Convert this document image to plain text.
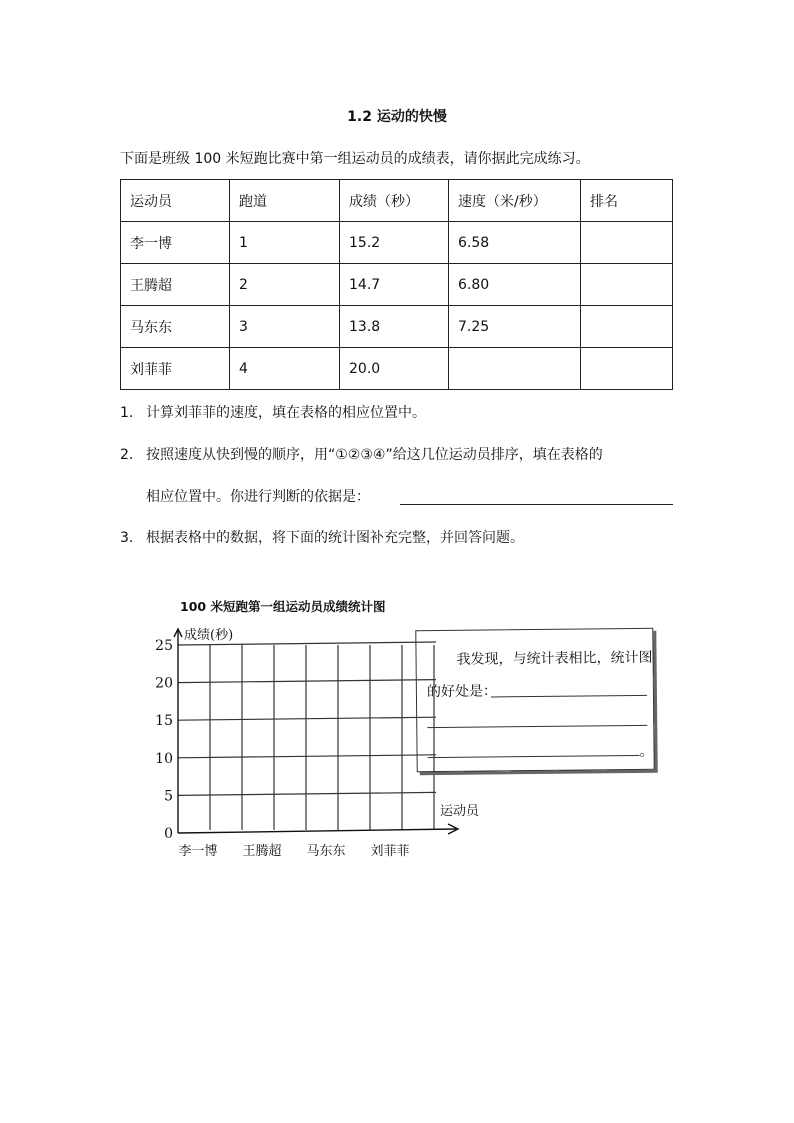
1.2 运动的快慢
下面是班级 100 米短跑比赛中第一组运动员的成绩表，请你据此完成练习。
运动员	跑道	成绩（秒）	速度（米/秒）	排名
李一博	1	15.2	6.58	
王腾超	2	14.7	6.80	
马东东	3	13.8	7.25	
刘菲菲	4	20.0		
1. 计算刘菲菲的速度，填在表格的相应位置中。
2. 按照速度从快到慢的顺序，用“①②③④”给这几位运动员排序，填在表格的
相应位置中。你进行判断的依据是：
3. 根据表格中的数据，将下面的统计图补充完整，并回答问题。
100 米短跑第一组运动员成绩统计图
0
5
10
15
20
25
成绩(秒)
运动员
李一博 王腾超 马东东 刘菲菲
我发现，与统计表相比，统计图
的好处是：
。
